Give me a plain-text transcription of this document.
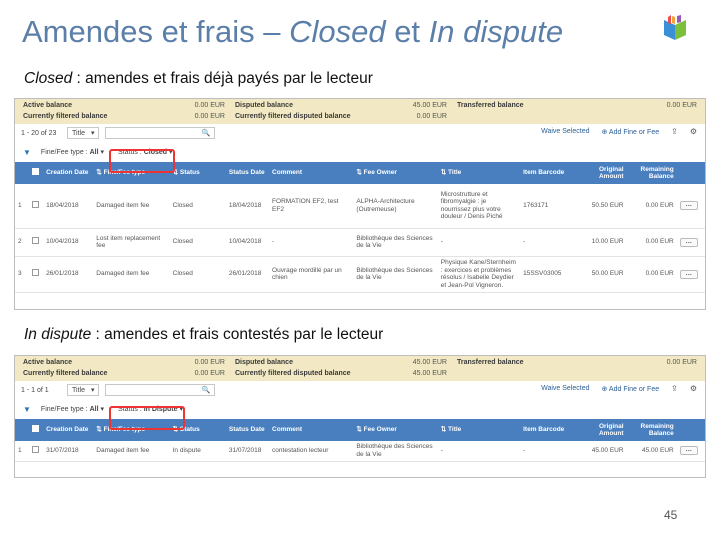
Amendes et frais – Closed et In dispute
Closed : amendes et frais déjà payés par le lecteur
Active balance	0.00 EUR	Disputed balance	45.00 EUR	Transferred balance	0.00 EUR
Currently filtered balance	0.00 EUR	Currently filtered disputed balance	0.00 EUR
1 - 20 of 23	Title ▾	🔍	Waive Selected ⊕ Add Fine or Fee ⇪ ⚙
▼ Fine/Fee type : All ▾	Status : Closed ▾
		Creation Date	⇅ Fine/Fee type	⇅ Status	Status Date	Comment	⇅ Fee Owner	⇅ Title	Item Barcode	Original Amount	Remaining Balance	
1		18/04/2018	Damaged item fee	Closed	18/04/2018	FORMATION EF2, test EF2	ALPHA-Architecture (Outremeuse)	Microstrutture et fibromyalgie : je nourrissez plus votre douleur / Denis Piché	1763171	50.50 EUR	0.00 EUR	…
2		10/04/2018	Lost item replacement fee	Closed	10/04/2018	-	Bibliothèque des Sciences de la Vie	-	-	10.00 EUR	0.00 EUR	…
3		26/01/2018	Damaged item fee	Closed	26/01/2018	Ouvrage mordillé par un chien	Bibliothèque des Sciences de la Vie	Physique Kane/Sternheim : exercices et problèmes résolus / Isabelle Deydier et Jean-Pol Vigneron.	15SSV03005	50.00 EUR	0.00 EUR	…
In dispute : amendes et frais contestés par le lecteur
Active balance	0.00 EUR	Disputed balance	45.00 EUR	Transferred balance	0.00 EUR
Currently filtered balance	0.00 EUR	Currently filtered disputed balance	45.00 EUR
1 - 1 of 1	Title ▾	🔍	Waive Selected ⊕ Add Fine or Fee ⇪ ⚙
▼ Fine/Fee type : All ▾	Status : In Dispute ▾
		Creation Date	⇅ Fine/Fee type	⇅ Status	Status Date	Comment	⇅ Fee Owner	⇅ Title	Item Barcode	Original Amount	Remaining Balance	
1		31/07/2018	Damaged item fee	In dispute	31/07/2018	contestation lecteur	Bibliothèque des Sciences de la Vie	-	-	45.00 EUR	45.00 EUR	…
45
